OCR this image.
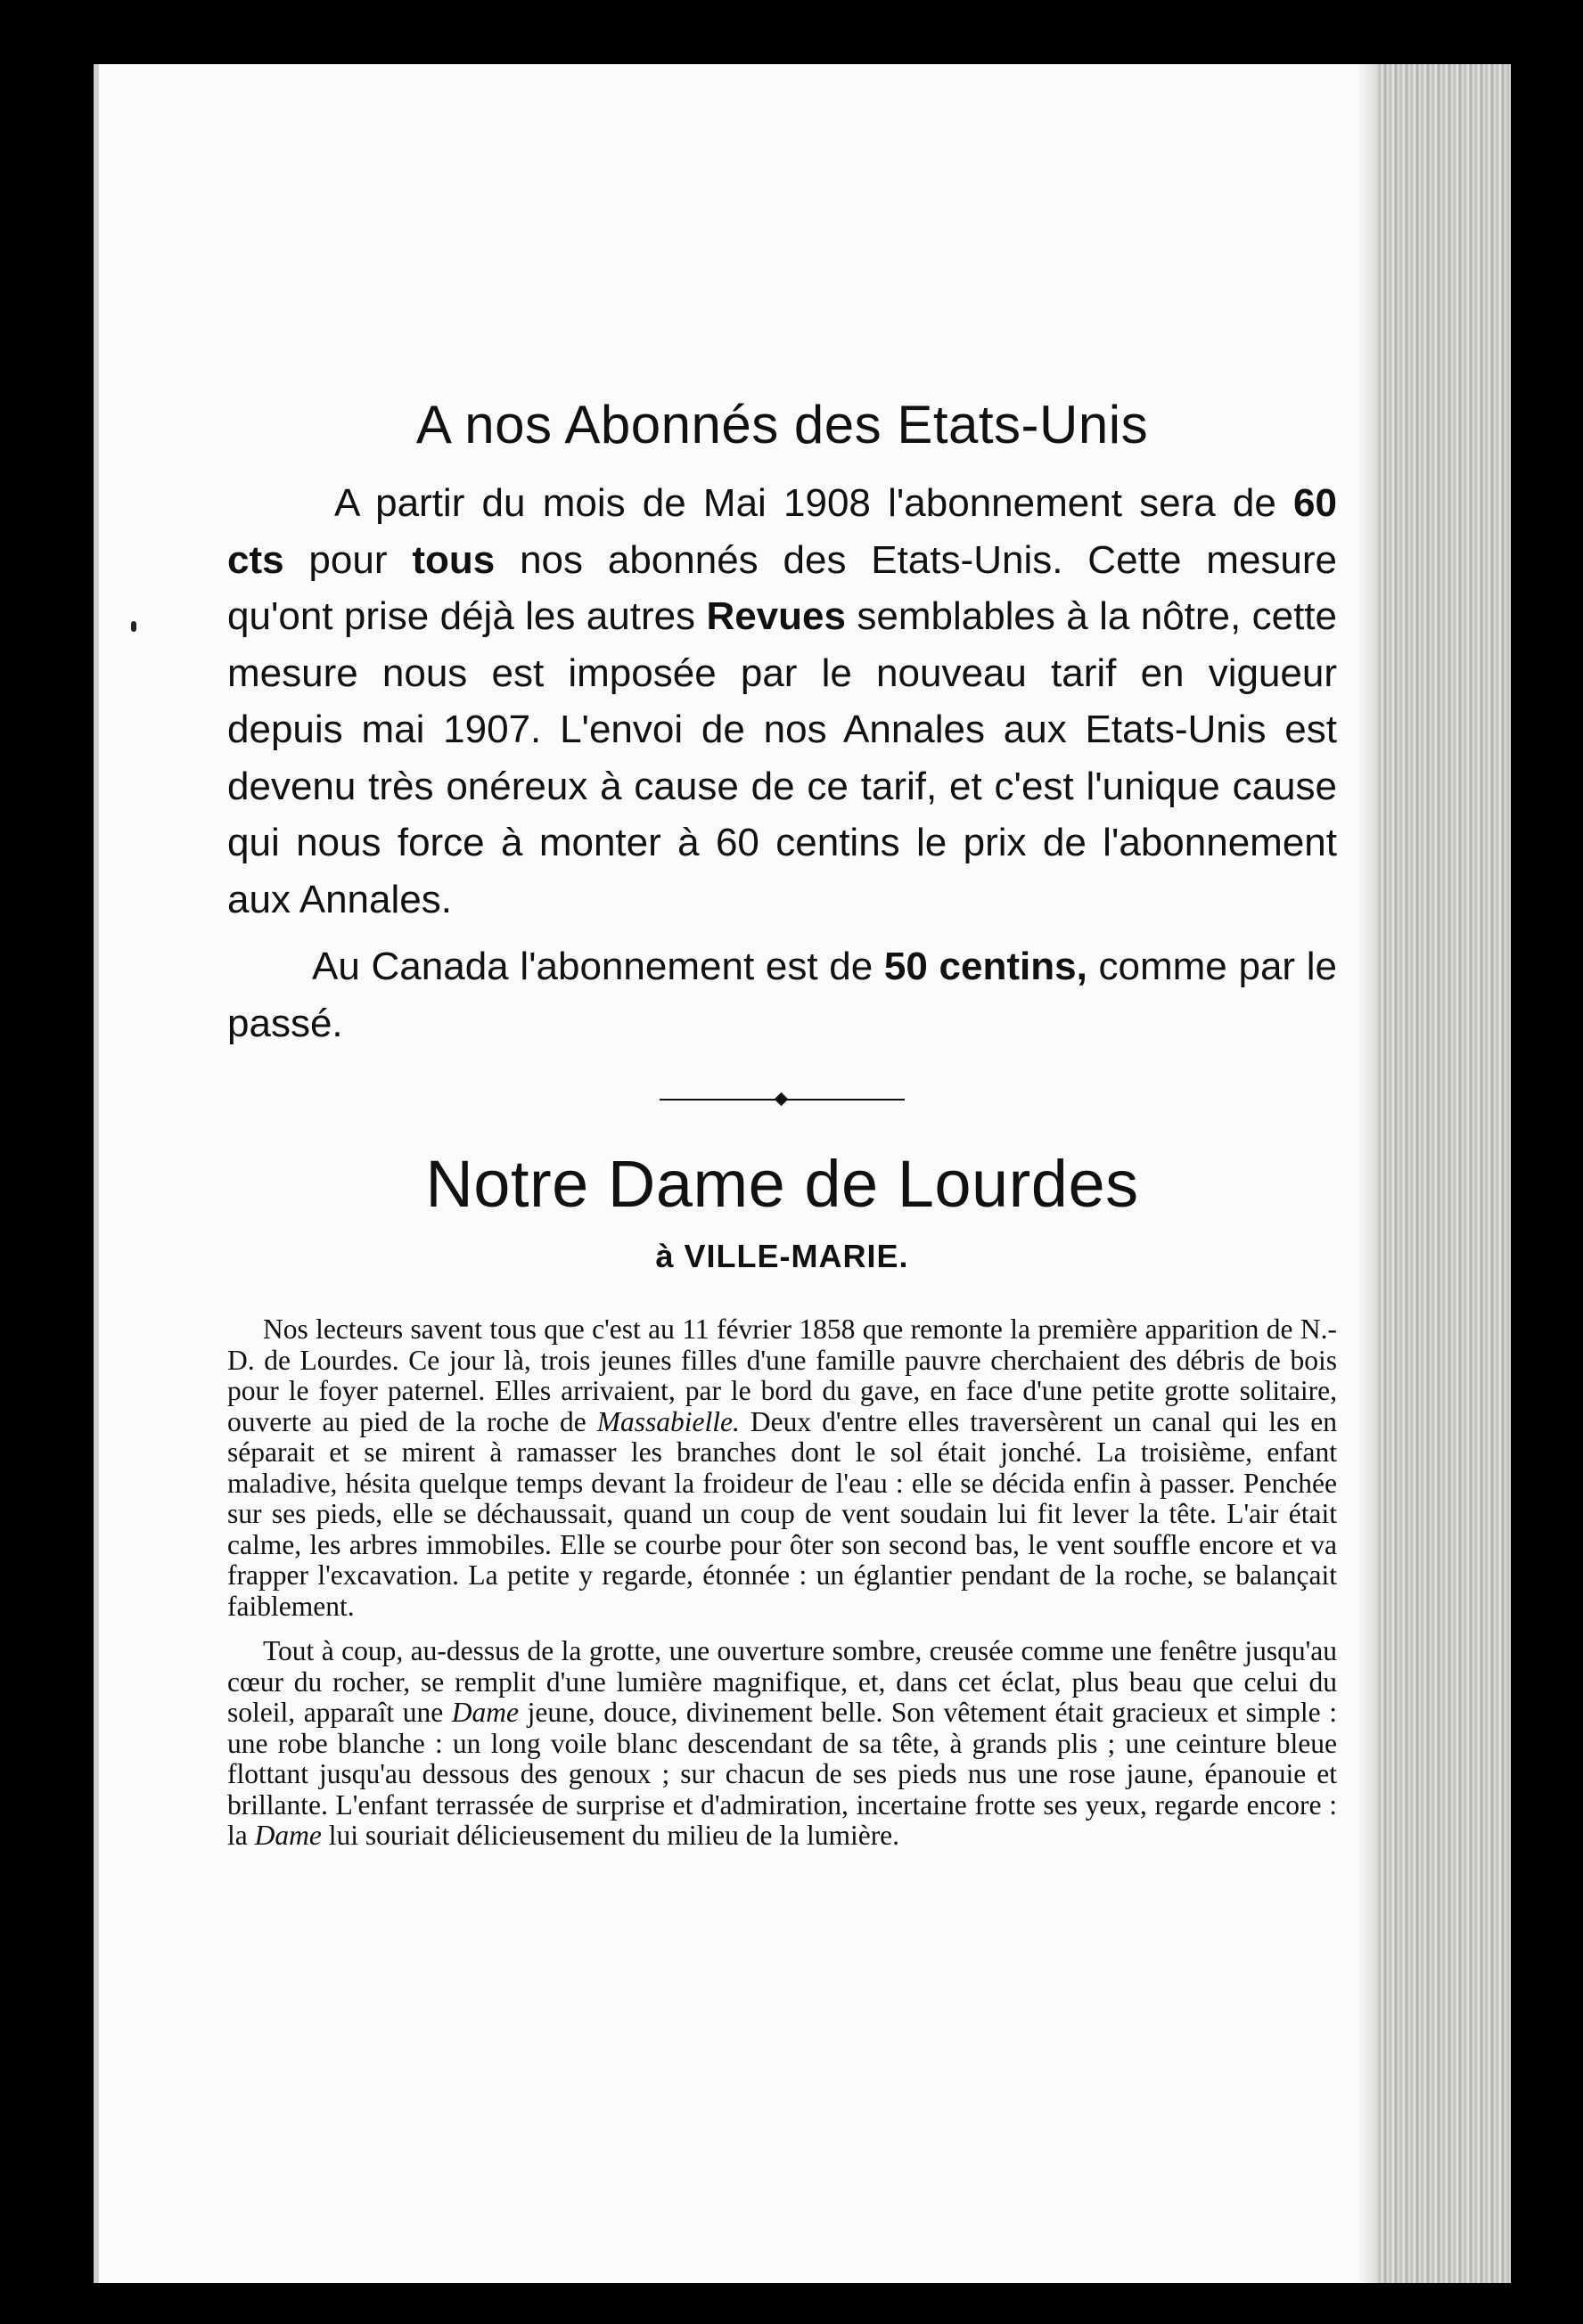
A nos Abonnés des Etats-Unis

A partir du mois de Mai 1908 l'abonnement sera de 60 cts pour tous nos abonnés des Etats-Unis. Cette mesure qu'ont prise déjà les autres Revues semblables à la nôtre, cette mesure nous est imposée par le nouveau tarif en vigueur depuis mai 1907. L'envoi de nos Annales aux Etats-Unis est devenu très onéreux à cause de ce tarif, et c'est l'unique cause qui nous force à monter à 60 centins le prix de l'abonnement aux Annales.

Au Canada l'abonnement est de 50 centins, comme par le passé.

Notre Dame de Lourdes
à VILLE-MARIE.

Nos lecteurs savent tous que c'est au 11 février 1858 que remonte la première apparition de N.-D. de Lourdes. Ce jour là, trois jeunes filles d'une famille pauvre cherchaient des débris de bois pour le foyer paternel. Elles arrivaient, par le bord du gave, en face d'une petite grotte solitaire, ouverte au pied de la roche de Massabielle. Deux d'entre elles traversèrent un canal qui les en séparait et se mirent à ramasser les branches dont le sol était jonché. La troisième, enfant maladive, hésita quelque temps devant la froideur de l'eau : elle se décida enfin à passer. Penchée sur ses pieds, elle se déchaussait, quand un coup de vent soudain lui fit lever la tête. L'air était calme, les arbres immobiles. Elle se courbe pour ôter son second bas, le vent souffle encore et va frapper l'excavation. La petite y regarde, étonnée : un églantier pendant de la roche, se balançait faiblement.

Tout à coup, au-dessus de la grotte, une ouverture sombre, creusée comme une fenêtre jusqu'au cœur du rocher, se remplit d'une lumière magnifique, et, dans cet éclat, plus beau que celui du soleil, apparaît une Dame jeune, douce, divinement belle. Son vêtement était gracieux et simple : une robe blanche : un long voile blanc descendant de sa tête, à grands plis ; une ceinture bleue flottant jusqu'au dessous des genoux ; sur chacun de ses pieds nus une rose jaune, épanouie et brillante. L'enfant terrassée de surprise et d'admiration, incertaine frotte ses yeux, regarde encore : la Dame lui souriait délicieusement du milieu de la lumière.
